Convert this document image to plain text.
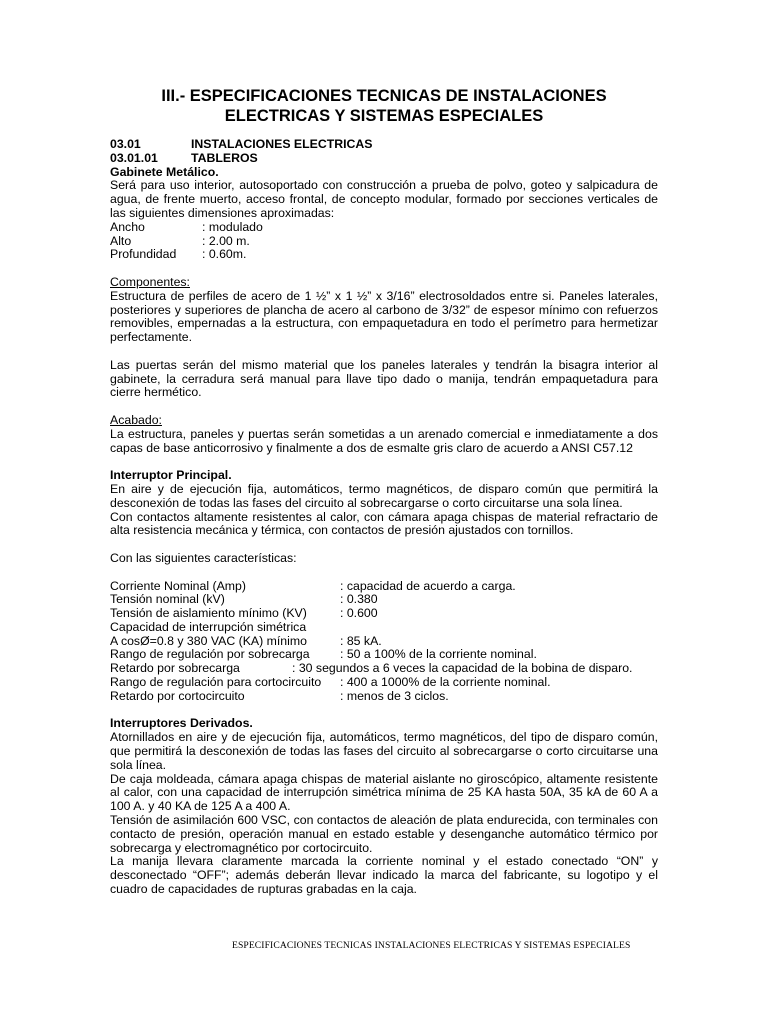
III.- ESPECIFICACIONES TECNICAS DE INSTALACIONES
ELECTRICAS Y SISTEMAS ESPECIALES
03.01	INSTALACIONES ELECTRICAS
03.01.01	TABLEROS
Gabinete Metálico.

Será para uso interior, autosoportado con construcción a prueba de polvo, goteo y salpicadura de agua, de frente muerto, acceso frontal, de concepto modular, formado por secciones verticales de las siguientes dimensiones aproximadas:

Ancho	: modulado
Alto	: 2.00 m.
Profundidad	: 0.60m.
Componentes:

Estructura de perfiles de acero de 1 ½” x 1 ½” x 3/16” electrosoldados entre si. Paneles laterales, posteriores y superiores de plancha de acero al carbono de 3/32” de espesor mínimo con refuerzos removibles, empernadas a la estructura, con empaquetadura en todo el perímetro para hermetizar perfectamente.

Las puertas serán del mismo material que los paneles laterales y tendrán la bisagra interior al gabinete, la cerradura será manual para llave tipo dado o manija, tendrán empaquetadura para cierre hermético.

Acabado:

La estructura, paneles y puertas serán sometidas a un arenado comercial e inmediatamente a dos capas de base anticorrosivo y finalmente a dos de esmalte gris claro de acuerdo a ANSI C57.12

Interruptor Principal.

En aire y de ejecución fija, automáticos, termo magnéticos, de disparo común que permitirá la desconexión de todas las fases del circuito al sobrecargarse o corto circuitarse una sola línea.

Con contactos altamente resistentes al calor, con cámara apaga chispas de material refractario de alta resistencia mecánica y térmica, con contactos de presión ajustados con tornillos.

Con las siguientes características:
Corriente Nominal (Amp)	: capacidad de acuerdo a carga.
Tensión nominal (kV)	: 0.380
Tensión de aislamiento mínimo (KV)	: 0.600
Capacidad de interrupción simétrica
A cosØ=0.8 y 380 VAC (KA) mínimo	: 85 kA.
Rango de regulación por sobrecarga	: 50 a 100% de la corriente nominal.
Retardo por sobrecarga	: 30 segundos a 6 veces la capacidad de la bobina de disparo.
Rango de regulación para cortocircuito	: 400 a 1000% de la corriente nominal.
Retardo por cortocircuito	: menos de 3 ciclos.
Interruptores Derivados.

Atornillados en aire y de ejecución fija, automáticos, termo magnéticos, del tipo de disparo común, que permitirá la desconexión de todas las fases del circuito al sobrecargarse o corto circuitarse una sola línea.

De caja moldeada, cámara apaga chispas de material aislante no giroscópico, altamente resistente al calor, con una capacidad de interrupción simétrica mínima de 25 KA hasta 50A, 35 kA de 60 A a 100 A. y 40 KA de 125 A a 400 A.

Tensión de asimilación 600 VSC, con contactos de aleación de plata endurecida, con terminales con contacto de presión, operación manual en estado estable y desenganche automático térmico por sobrecarga y electromagnético por cortocircuito.

La manija llevara claramente marcada la corriente nominal y el estado conectado “ON” y desconectado “OFF”; además deberán llevar indicado la marca del fabricante, su logotipo y el cuadro de capacidades de rupturas grabadas en la caja.

ESPECIFICACIONES TECNICAS INSTALACIONES ELECTRICAS Y SISTEMAS ESPECIALES
